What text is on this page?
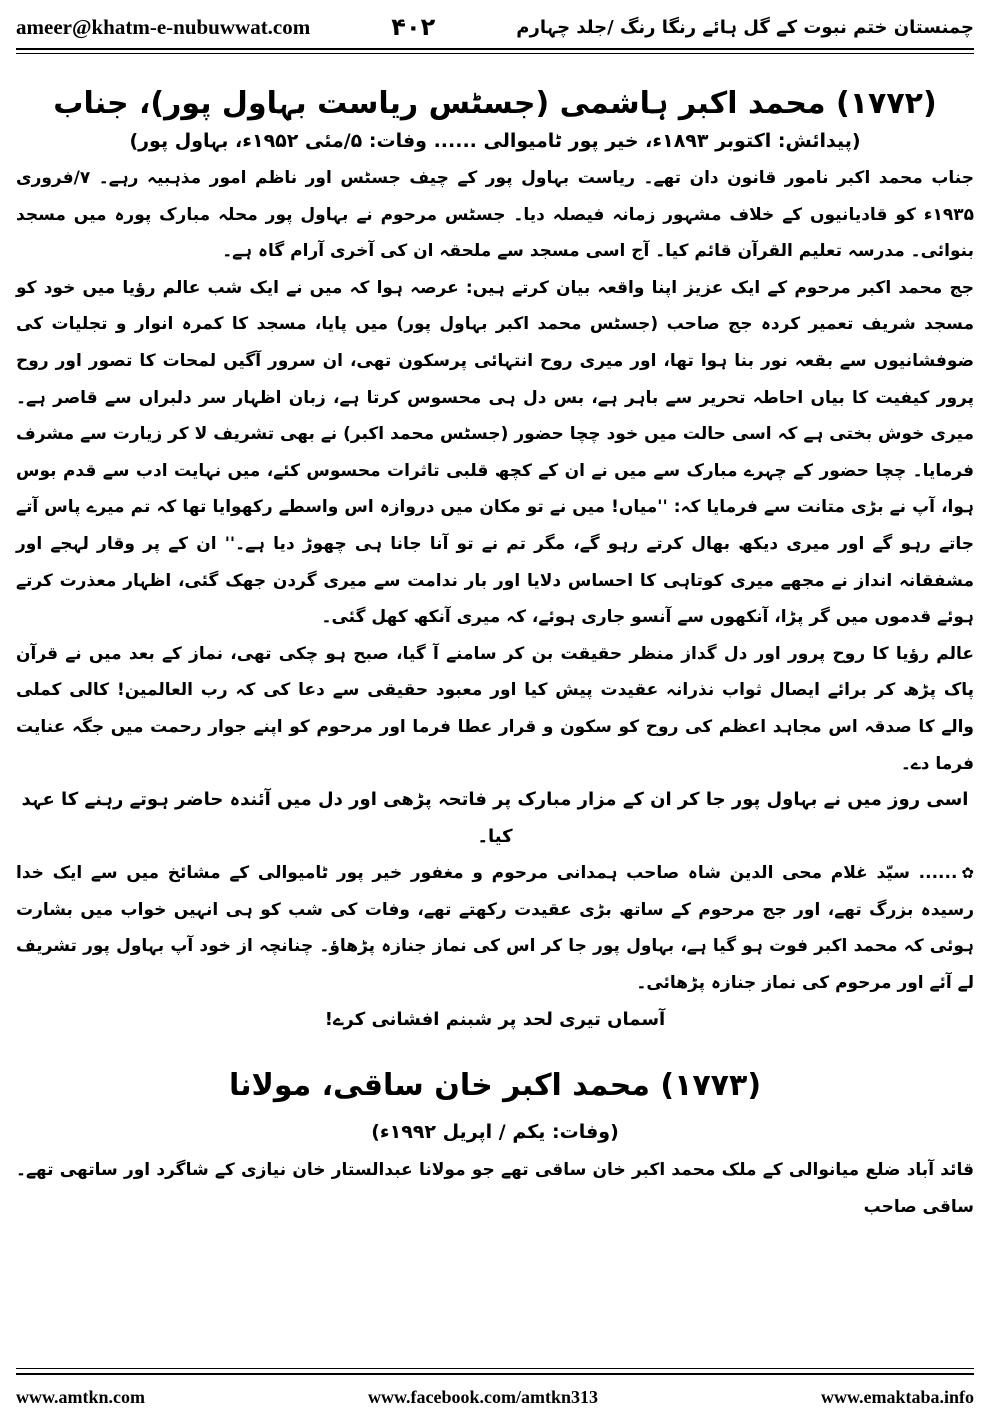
ameer@khatm-e-nubuwwat.com	۴۰۲	چمنستان ختم نبوت کے گل ہائے رنگا رنگ /جلد چہارم
(۱۷۷۲) محمد اکبر ہاشمی (جسٹس ریاست بہاول پور)، جناب

(پیدائش: اکتوبر ۱۸۹۳ء، خیر پور ٹامیوالی ...... وفات: ۵/مئی ۱۹۵۲ء، بہاول پور)

جناب محمد اکبر نامور قانون دان تھے۔ ریاست بہاول پور کے چیف جسٹس اور ناظم امور مذہبیہ رہے۔ ۷/فروری ۱۹۳۵ء کو قادیانیوں کے خلاف مشہور زمانہ فیصلہ دیا۔ جسٹس مرحوم نے بہاول پور محلہ مبارک پورہ میں مسجد بنوائی۔ مدرسہ تعلیم القرآن قائم کیا۔ آج اسی مسجد سے ملحقہ ان کی آخری آرام گاہ ہے۔

جج محمد اکبر مرحوم کے ایک عزیز اپنا واقعہ بیان کرتے ہیں: عرصہ ہوا کہ میں نے ایک شب عالم رؤیا میں خود کو مسجد شریف تعمیر کردہ جج صاحب (جسٹس محمد اکبر بہاول پور) میں پایا، مسجد کا کمرہ انوار و تجلیات کی ضوفشانیوں سے بقعہ نور بنا ہوا تھا، اور میری روح انتہائی پرسکون تھی، ان سرور آگیں لمحات کا تصور اور روح پرور کیفیت کا بیاں احاطہ تحریر سے باہر ہے، بس دل ہی محسوس کرتا ہے، زبان اظہار سر دلبراں سے قاصر ہے۔ میری خوش بختی ہے کہ اسی حالت میں خود چچا حضور (جسٹس محمد اکبر) نے بھی تشریف لا کر زیارت سے مشرف فرمایا۔ چچا حضور کے چہرے مبارک سے میں نے ان کے کچھ قلبی تاثرات محسوس کئے، میں نہایت ادب سے قدم بوس ہوا، آپ نے بڑی متانت سے فرمایا کہ: ''میاں! میں نے تو مکان میں دروازہ اس واسطے رکھوایا تھا کہ تم میرے پاس آتے جاتے رہو گے اور میری دیکھ بھال کرتے رہو گے، مگر تم نے تو آنا جانا ہی چھوڑ دیا ہے۔'' ان کے پر وقار لہجے اور مشفقانہ انداز نے مجھے میری کوتاہی کا احساس دلایا اور بار ندامت سے میری گردن جھک گئی، اظہار معذرت کرتے ہوئے قدموں میں گر پڑا، آنکھوں سے آنسو جاری ہوئے، کہ میری آنکھ کھل گئی۔

عالم رؤیا کا روح پرور اور دل گداز منظر حقیقت بن کر سامنے آ گیا، صبح ہو چکی تھی، نماز کے بعد میں نے قرآن پاک پڑھ کر برائے ایصال ثواب نذرانہ عقیدت پیش کیا اور معبود حقیقی سے دعا کی کہ رب العالمین! کالی کملی والے کا صدقہ اس مجاہد اعظم کی روح کو سکون و قرار عطا فرما اور مرحوم کو اپنے جوار رحمت میں جگہ عنایت فرما دے۔

اسی روز میں نے بہاول پور جا کر ان کے مزار مبارک پر فاتحہ پڑھی اور دل میں آئندہ حاضر ہوتے رہنے کا عہد کیا۔

✿...... سیّد غلام محی الدین شاہ صاحب ہمدانی مرحوم و مغفور خیر پور ٹامیوالی کے مشائخ میں سے ایک خدا رسیدہ بزرگ تھے، اور جج مرحوم کے ساتھ بڑی عقیدت رکھتے تھے، وفات کی شب کو ہی انہیں خواب میں بشارت ہوئی کہ محمد اکبر فوت ہو گیا ہے، بہاول پور جا کر اس کی نماز جنازہ پڑھاؤ۔ چنانچہ از خود آپ بہاول پور تشریف لے آئے اور مرحوم کی نماز جنازہ پڑھائی۔

آسماں تیری لحد پر شبنم افشانی کرے!

(۱۷۷۳) محمد اکبر خان ساقی، مولانا

(وفات: یکم / اپریل ۱۹۹۲ء)

قائد آباد ضلع میانوالی کے ملک محمد اکبر خان ساقی تھے جو مولانا عبدالستار خان نیازی کے شاگرد اور ساتھی تھے۔ ساقی صاحب

www.amtkn.com	www.facebook.com/amtkn313	www.emaktaba.info
